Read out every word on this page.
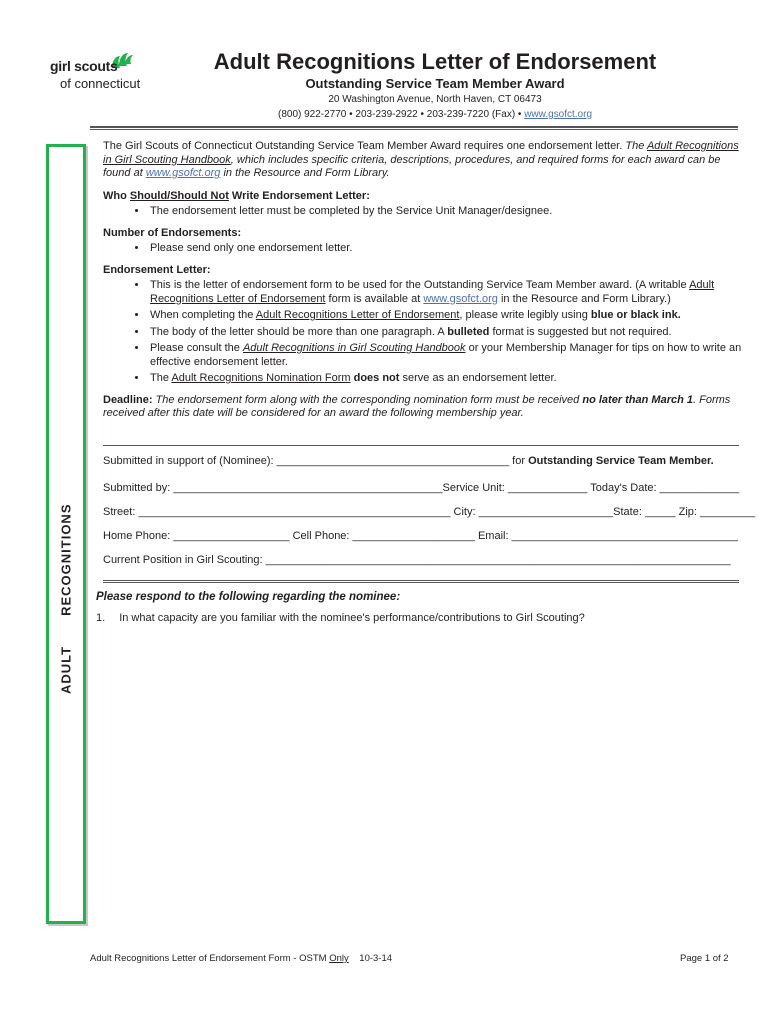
girl scouts
of connecticut
Adult Recognitions Letter of Endorsement
Outstanding Service Team Member Award
20 Washington Avenue, North Haven, CT 06473
(800) 922-2770 • 203-239-2922 • 203-239-7220 (Fax) • www.gsofct.org
ADULTRECOGNITIONS

The Girl Scouts of Connecticut Outstanding Service Team Member Award requires one endorsement letter. The Adult Recognitions in Girl Scouting Handbook, which includes specific criteria, descriptions, procedures, and required forms for each award can be found at www.gsofct.org in the Resource and Form Library.

Who Should/Should Not Write Endorsement Letter:

• The endorsement letter must be completed by the Service Unit Manager/designee.

Number of Endorsements:

• Please send only one endorsement letter.

Endorsement Letter:

• This is the letter of endorsement form to be used for the Outstanding Service Team Member award. (A writable Adult Recognitions Letter of Endorsement form is available at www.gsofct.org in the Resource and Form Library.)
• When completing the Adult Recognitions Letter of Endorsement, please write legibly using blue or black ink.
• The body of the letter should be more than one paragraph. A bulleted format is suggested but not required.
• Please consult the Adult Recognitions in Girl Scouting Handbook or your Membership Manager for tips on how to write an effective endorsement letter.
• The Adult Recognitions Nomination Form does not serve as an endorsement letter.

Deadline: The endorsement form along with the corresponding nomination form must be received no later than March 1. Forms received after this date will be considered for an award the following membership year.

Submitted in support of (Nominee): ______________________________________ for Outstanding Service Team Member.
Submitted by: ____________________________________________Service Unit: _____________ Today's Date: _____________
Street: ___________________________________________________ City: ______________________State: _____ Zip: _________
Home Phone: ___________________ Cell Phone: ____________________ Email: _____________________________________
Current Position in Girl Scouting: ____________________________________________________________________________
Please respond to the following regarding the nominee:
1. In what capacity are you familiar with the nominee's performance/contributions to Girl Scouting?
Adult Recognitions Letter of Endorsement Form - OSTM Only    10-3-14	Page 1 of 2
